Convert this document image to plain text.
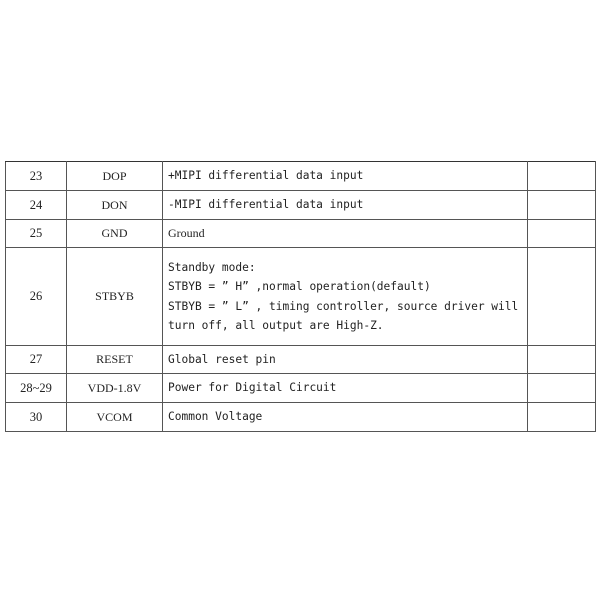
23	DOP	+MIPI differential data input	
24	DON	-MIPI differential data input	
25	GND	Ground	
26	STBYB	Standby mode:
STBYB = ” H” ,normal operation(default)
STBYB = ” L” , timing controller, source driver will
turn off, all output are High-Z.	

27	RESET	Global reset pin	
28~29	VDD-1.8V	Power for Digital Circuit	
30	VCOM	Common Voltage	
